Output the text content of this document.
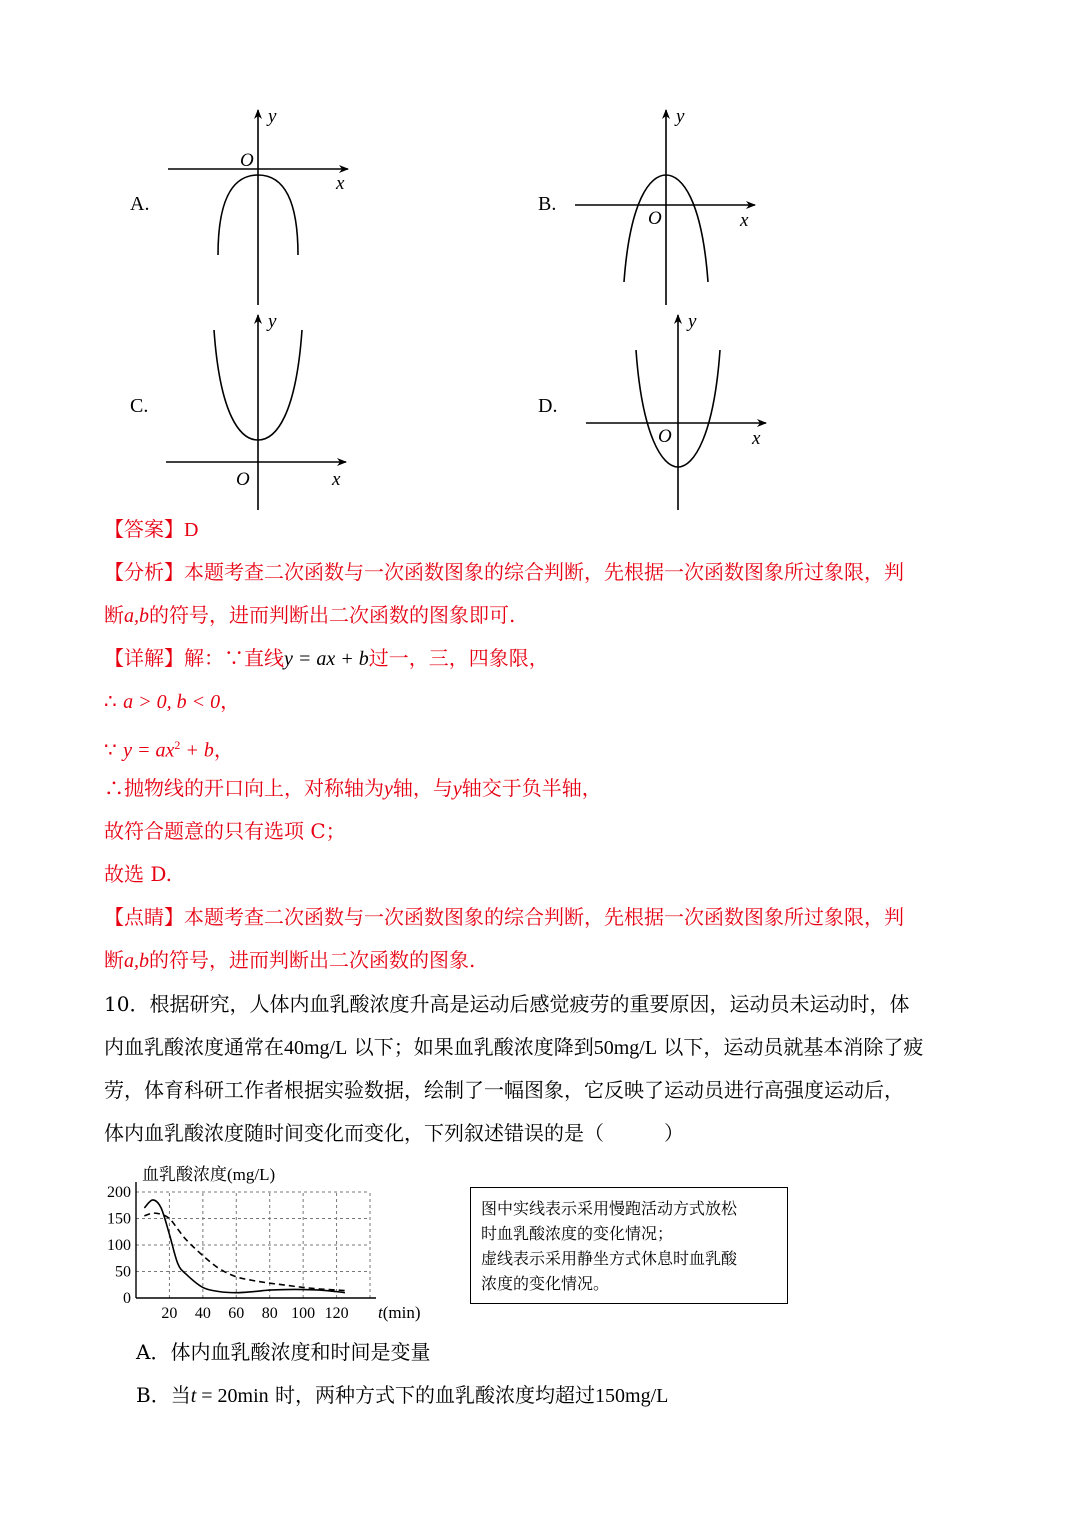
A.
O
x
y
B.
O	x
y
C.
O	x
y
D.
O	x
y
【答案】D
【分析】本题考查二次函数与一次函数图象的综合判断，先根据一次函数图象所过象限，判
断a,b的符号，进而判断出二次函数的图象即可.
【详解】解：∵直线y = ax + b过一，三，四象限，
∴ a > 0, b < 0，
∵ $y = ax^2 + b$，
∴抛物线的开口向上，对称轴为y轴，与y轴交于负半轴，
故符合题意的只有选项 C；
故选 D.
【点睛】本题考查二次函数与一次函数图象的综合判断，先根据一次函数图象所过象限，判
断a,b的符号，进而判断出二次函数的图象.
10．根据研究，人体内血乳酸浓度升高是运动后感觉疲劳的重要原因，运动员未运动时，体
内血乳酸浓度通常在40mg/L 以下；如果血乳酸浓度降到50mg/L 以下，运动员就基本消除了疲
劳，体育科研工作者根据实验数据，绘制了一幅图象，它反映了运动员进行高强度运动后，
体内血乳酸浓度随时间变化而变化，下列叙述错误的是（　　　）
血乳酸浓度(mg/L)
t(min)
20 40 60 80 100 120
0
50
100
150
200
图中实线表示采用慢跑活动方式放松
时血乳酸浓度的变化情况；
虚线表示采用静坐方式休息时血乳酸
浓度的变化情况。
A．体内血乳酸浓度和时间是变量
B．当t = 20min 时，两种方式下的血乳酸浓度均超过150mg/L
